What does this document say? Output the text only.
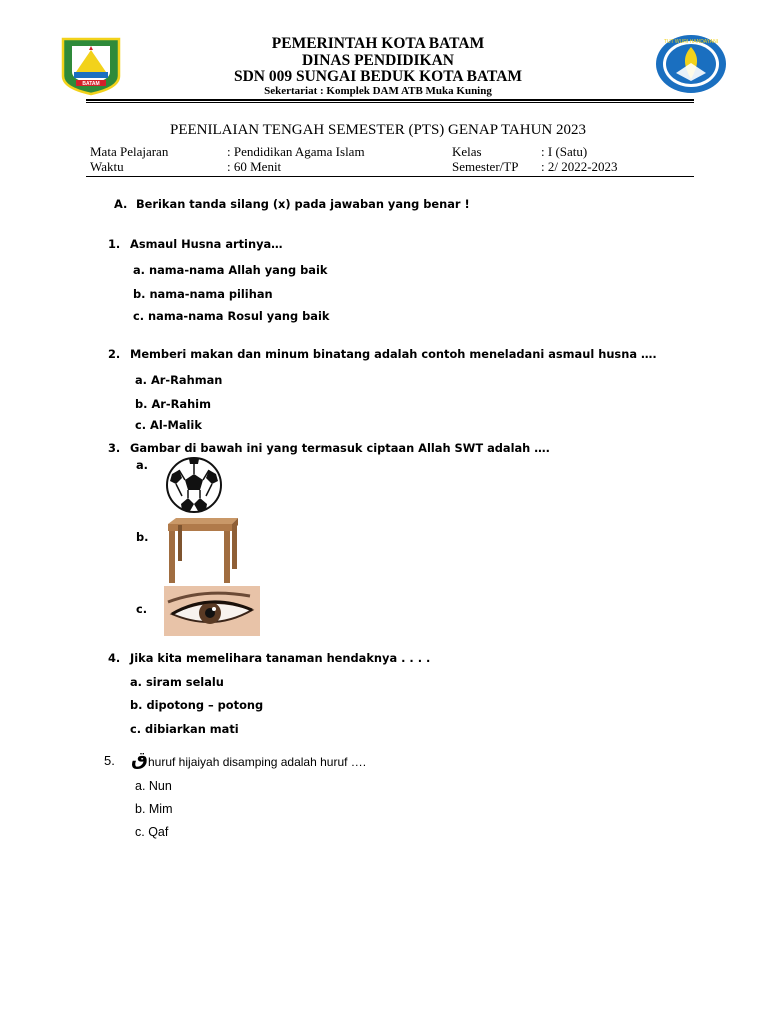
BATAM
TUT WURI HANDAYANI
PEMERINTAH KOTA BATAM
DINAS PENDIDIKAN
SDN 009 SUNGAI BEDUK KOTA BATAM
Sekertariat : Komplek DAM ATB Muka Kuning
PEENILAIAN TENGAH SEMESTER (PTS) GENAP TAHUN 2023
Mata Pelajaran	: Pendidikan Agama Islam	Kelas	: I (Satu)
Waktu	: 60 Menit	Semester/TP : 2/ 2022-2023
A. Berikan tanda silang (x) pada jawaban yang benar !
1. Asmaul Husna artinya…
a. nama-nama Allah yang baik
b. nama-nama pilihan
c. nama-nama Rosul yang baik
2. Memberi makan dan minum binatang adalah contoh meneladani asmaul husna ….
a. Ar-Rahman
b. Ar-Rahim
c. Al-Malik
3. Gambar di bawah ini yang termasuk ciptaan Allah SWT adalah ….
a.
b.
c.
4. Jika kita memelihara tanaman hendaknya . . . .
a. siram selalu
b. dipotong – potong
c. dibiarkan mati
5. ق huruf hijaiyah disamping adalah huruf ….
a. Nun
b. Mim
c. Qaf
